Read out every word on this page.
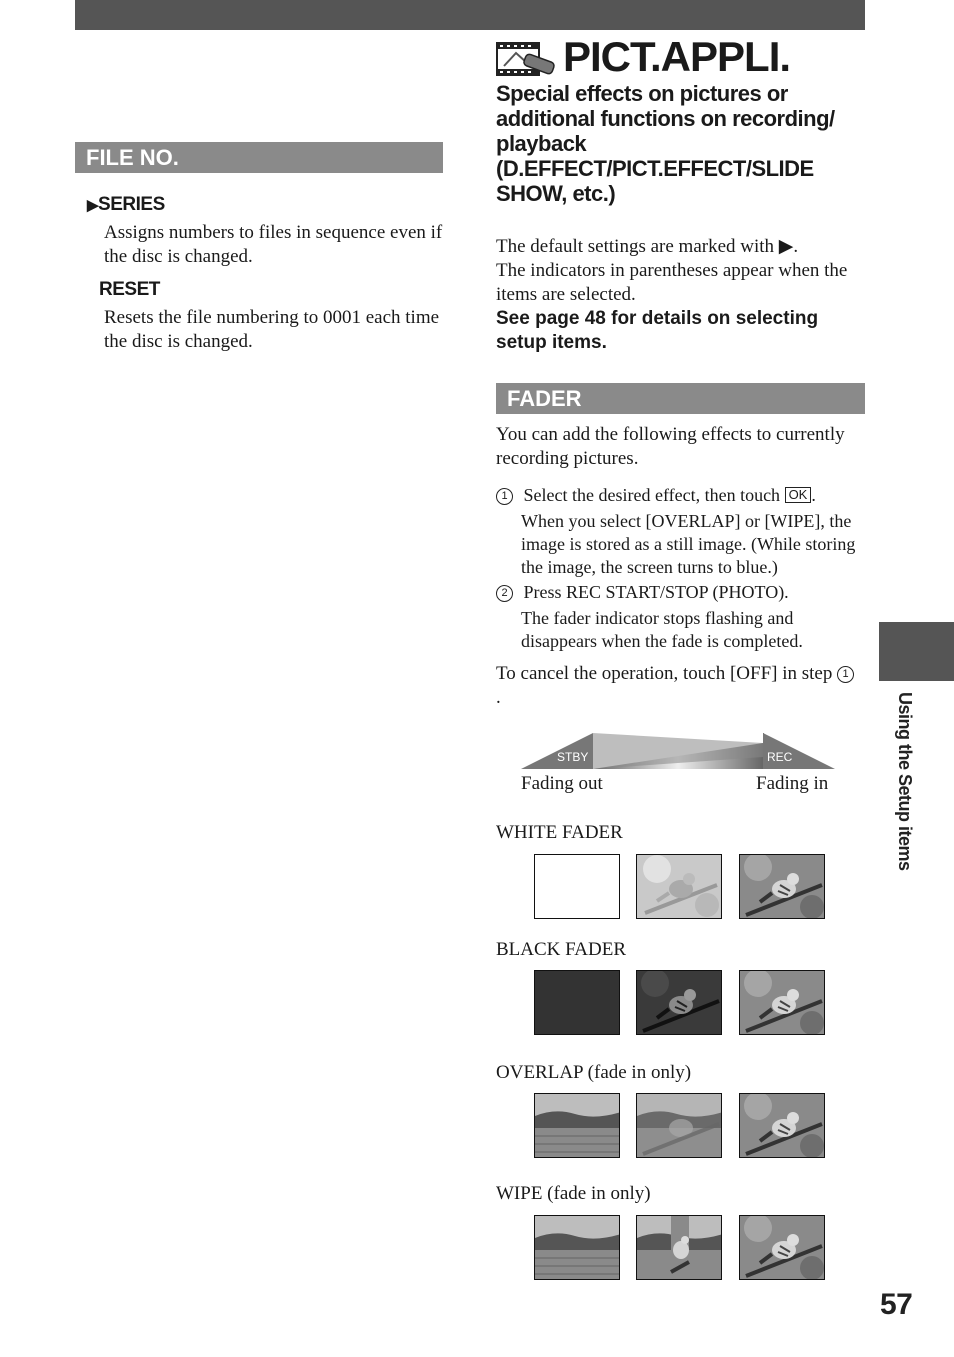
FILE NO.
▶SERIES
Assigns numbers to files in sequence even if the disc is changed.
RESET
Resets the file numbering to 0001 each time the disc is changed.
PICT.APPLI.
Special effects on pictures or additional functions on recording/ playback (D.EFFECT/PICT.EFFECT/SLIDE SHOW, etc.)
The default settings are marked with ▶.
The indicators in parentheses appear when the items are selected.
See page 48 for details on selecting setup items.
FADER
You can add the following effects to currently recording pictures.
1 Select the desired effect, then touch OK .
When you select [OVERLAP] or [WIPE], the image is stored as a still image. (While storing the image, the screen turns to blue.)
2 Press REC START/STOP (PHOTO).
The fader indicator stops flashing and disappears when the fade is completed.
To cancel the operation, touch [OFF] in step 1.
STBY	REC
Fading out	Fading in
WHITE FADER
BLACK FADER
OVERLAP (fade in only)
WIPE (fade in only)
Using the Setup items
57
